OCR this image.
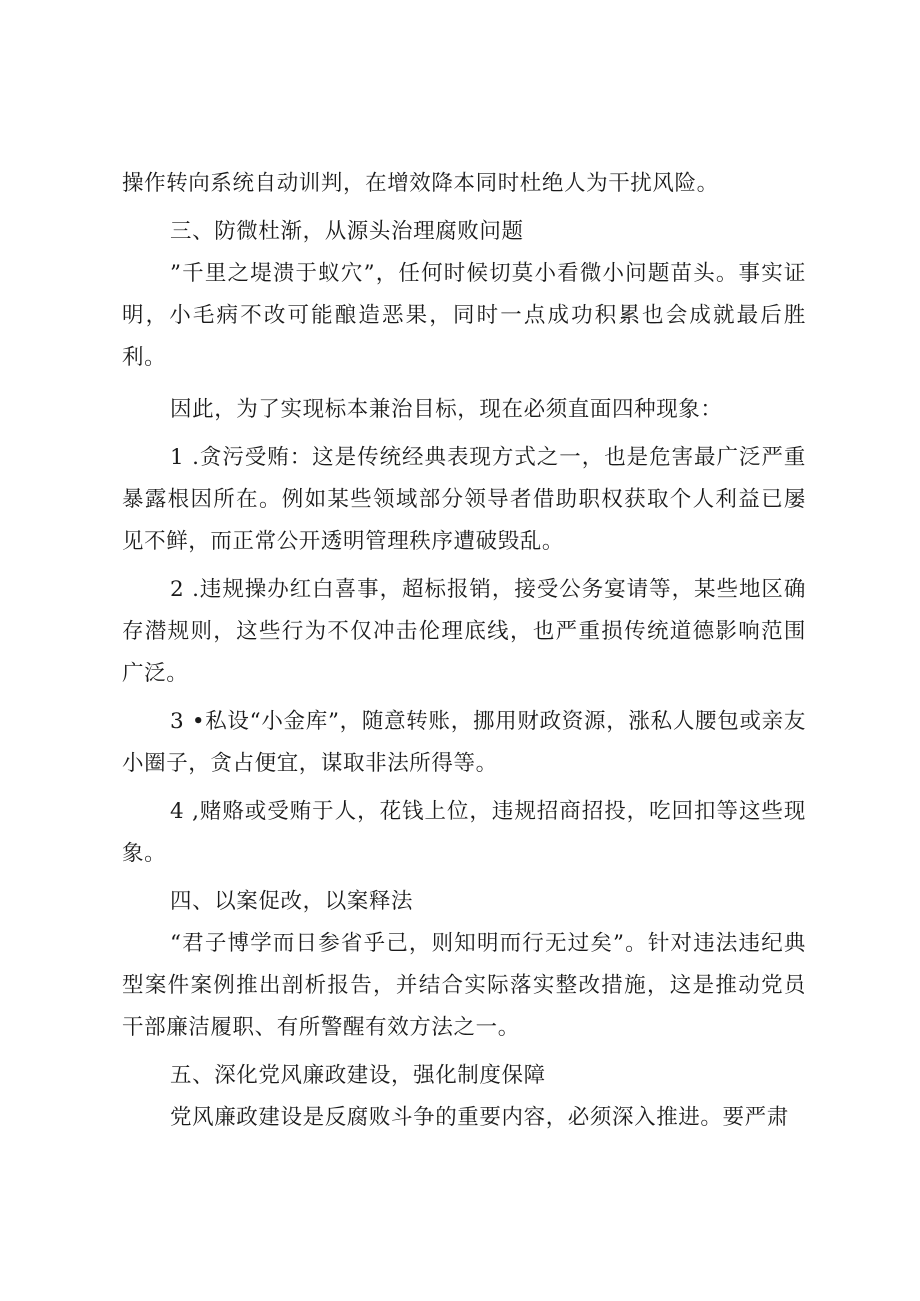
操作转向系统自动训判，在增效降本同时杜绝人为干扰风险。

三、防微杜渐，从源头治理腐败问题

”千里之堤溃于蚁穴”，任何时候切莫小看微小问题苗头。事实证明，小毛病不改可能酿造恶果，同时一点成功积累也会成就最后胜利。

因此，为了实现标本兼治目标，现在必须直面四种现象：

1 .贪污受贿：这是传统经典表现方式之一，也是危害最广泛严重暴露根因所在。例如某些领域部分领导者借助职权获取个人利益已屡见不鲜，而正常公开透明管理秩序遭破毁乱。

2 .违规操办红白喜事，超标报销，接受公务宴请等，某些地区确存潜规则，这些行为不仅冲击伦理底线，也严重损传统道德影响范围广泛。

3 •私设“小金库”，随意转账，挪用财政资源，涨私人腰包或亲友小圈子，贪占便宜，谋取非法所得等。

4 ,赌赂或受贿于人，花钱上位，违规招商招投，吃回扣等这些现象。

四、以案促改，以案释法

“君子博学而日参省乎己，则知明而行无过矣”。针对违法违纪典型案件案例推出剖析报告，并结合实际落实整改措施，这是推动党员干部廉洁履职、有所警醒有效方法之一。

五、深化党风廉政建设，强化制度保障

党风廉政建设是反腐败斗争的重要内容，必须深入推进。要严肃
